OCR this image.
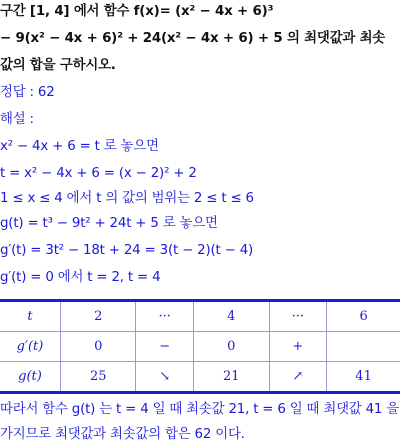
구간 [1, 4] 에서 함수 f(x)= (x² − 4x + 6)³
− 9(x² − 4x + 6)² + 24(x² − 4x + 6) + 5 의 최댓값과 최솟
값의 합을 구하시오.
정답 : 62
해설 :
x² − 4x + 6 = t 로 놓으면
t = x² − 4x + 6 = (x − 2)² + 2
1 ≤ x ≤ 4 에서 t 의 값의 범위는 2 ≤ t ≤ 6
g(t) = t³ − 9t² + 24t + 5 로 놓으면
g′(t) = 3t² − 18t + 24 = 3(t − 2)(t − 4)
g′(t) = 0 에서 t = 2, t = 4
t	2	···	4	···	6
g′(t)	0	−	0	+	
g(t)	25	↘	21	↗	41
따라서 함수 g(t) 는 t = 4 일 때 최솟값 21, t = 6 일 때 최댓값 41 을
가지므로 최댓값과 최솟값의 합은 62 이다.
